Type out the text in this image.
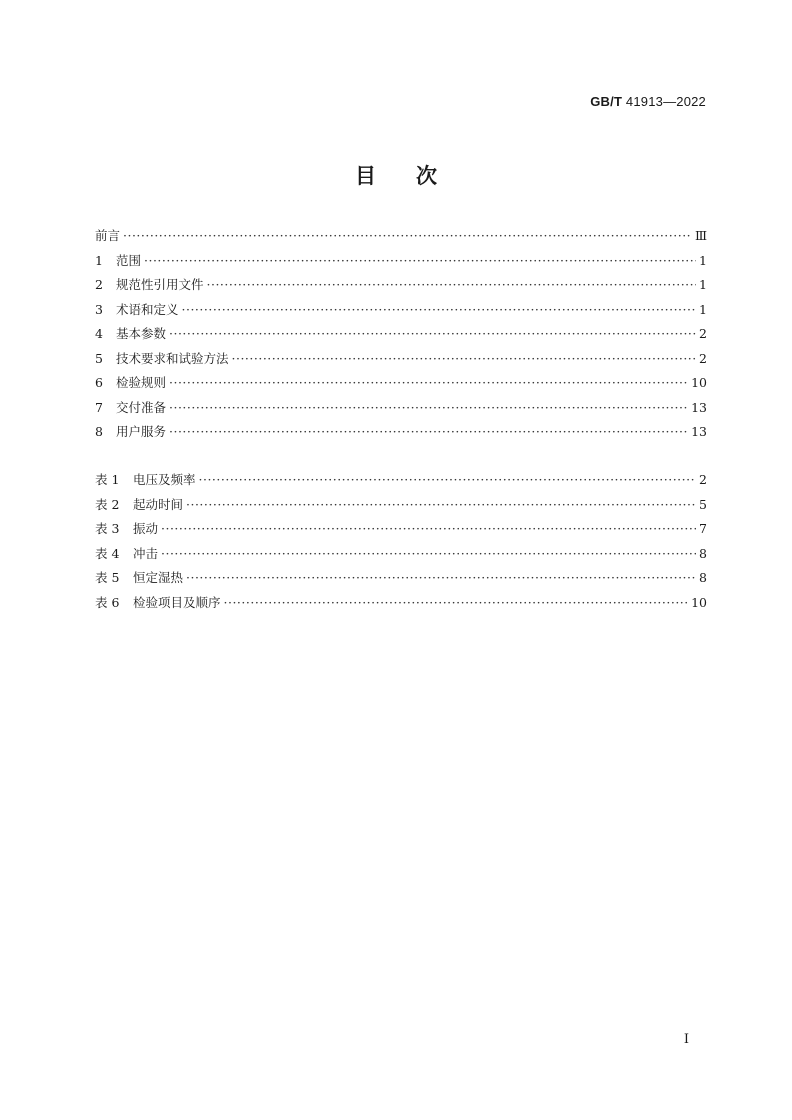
GB/T 41913—2022
目次
前言 ·····	Ⅲ
1	范围 ·····	1
2	规范性引用文件 ·····	1
3	术语和定义 ·····	1
4	基本参数 ·····	2
5	技术要求和试验方法 ·····	2
6	检验规则 ·····	10
7	交付准备 ·····	13
8	用户服务 ·····	13
表 1	电压及频率 ·····	2
表 2	起动时间 ·····	5
表 3	振动 ·····	7
表 4	冲击 ·····	8
表 5	恒定湿热 ·····	8
表 6	检验项目及顺序 ·····	10
I
